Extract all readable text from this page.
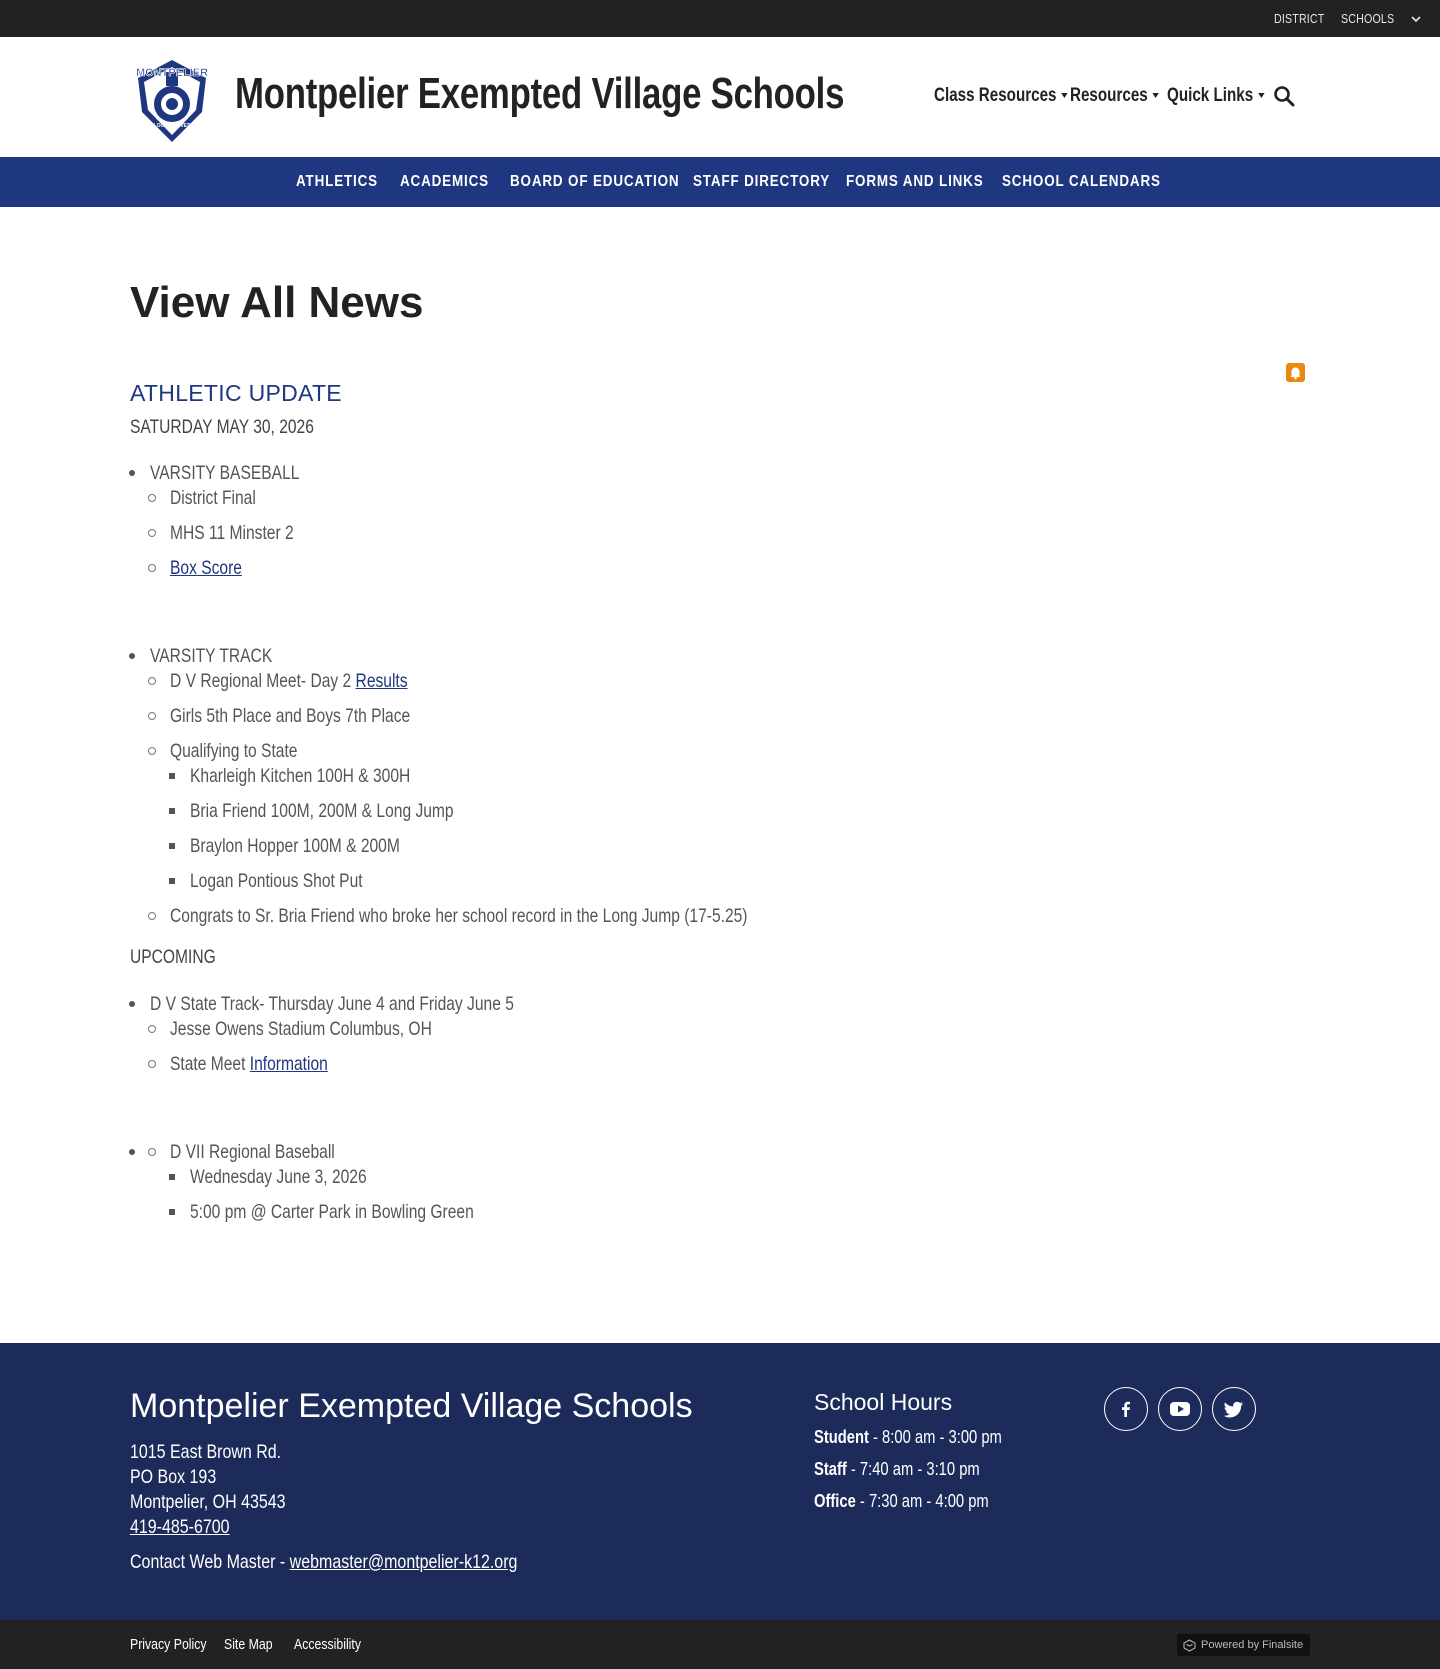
DISTRICT SCHOOLS
MONTPELIER
LOCOMOTIVES
Montpelier Exempted Village Schools	Class Resources Resources	Quick Links
ATHLETICS ACADEMICS BOARD OF EDUCATION STAFF DIRECTORY FORMS AND LINKS SCHOOL CALENDARS
View All News
ATHLETIC UPDATE
SATURDAY MAY 30, 2026
VARSITY BASEBALL
District Final
MHS 11 Minster 2
Box Score
VARSITY TRACK
D V Regional Meet- Day 2 Results
Girls 5th Place and Boys 7th Place
Qualifying to State
Kharleigh Kitchen 100H & 300H
Bria Friend 100M, 200M & Long Jump
Braylon Hopper 100M & 200M
Logan Pontious Shot Put
Congrats to Sr. Bria Friend who broke her school record in the Long Jump (17-5.25)
UPCOMING
D V State Track- Thursday June 4 and Friday June 5
Jesse Owens Stadium Columbus, OH
State Meet Information
D VII Regional Baseball
Wednesday June 3, 2026
5:00 pm @ Carter Park in Bowling Green
Montpelier Exempted Village Schools
1015 East Brown Rd.
PO Box 193
Montpelier, OH 43543
419-485-6700
Contact Web Master - webmaster@montpelier-k12.org
School Hours
Student - 8:00 am - 3:00 pm
Staff - 7:40 am - 3:10 pm
Office - 7:30 am - 4:00 pm
Privacy Policy Site Map Accessibility	Powered by Finalsite
